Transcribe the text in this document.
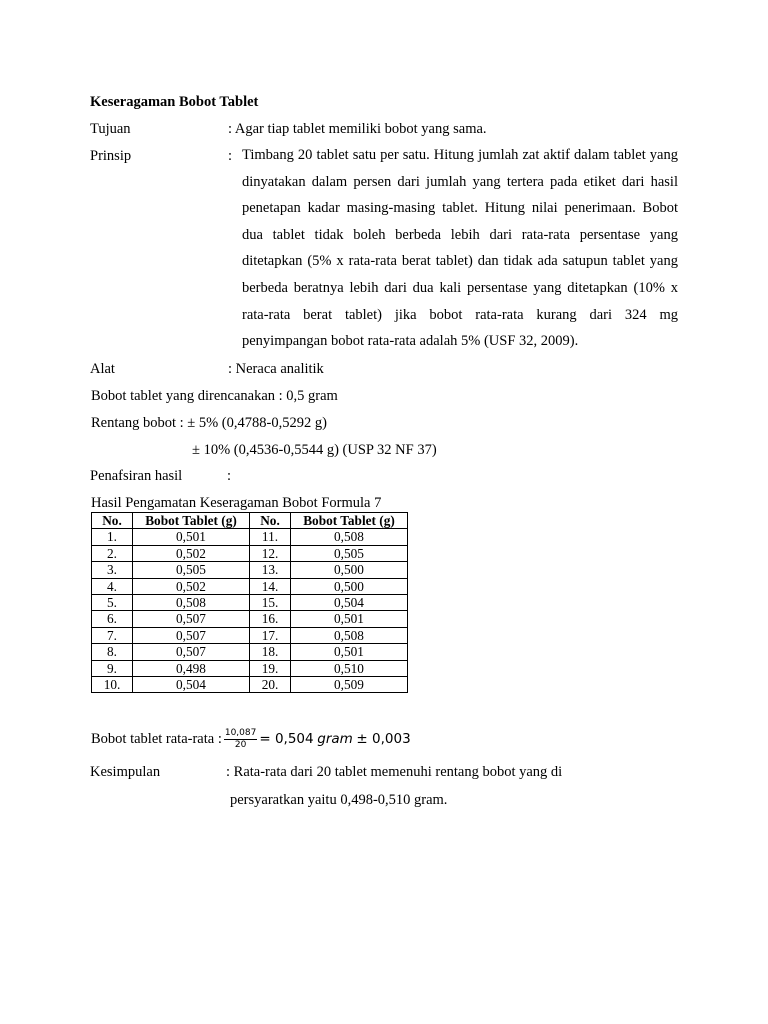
Keseragaman Bobot Tablet
Tujuan	: Agar tiap tablet memiliki bobot yang sama.
Prinsip	: Timbang 20 tablet satu per satu. Hitung jumlah zat aktif dalam tablet yang dinyatakan dalam persen dari jumlah yang tertera pada etiket dari hasil penetapan kadar masing-masing tablet. Hitung nilai penerimaan. Bobot dua tablet tidak boleh berbeda lebih dari rata-rata persentase yang ditetapkan (5% x rata-rata berat tablet) dan tidak ada satupun tablet yang berbeda beratnya lebih dari dua kali persentase yang ditetapkan (10% x rata-rata berat tablet) jika bobot rata-rata kurang dari 324 mg penyimpangan bobot rata-rata adalah 5% (USF 32, 2009).
Alat	: Neraca analitik
Bobot tablet yang direncanakan : 0,5 gram
Rentang bobot : ± 5% (0,4788-0,5292 g)
± 10% (0,4536-0,5544 g) (USP 32 NF 37)
Penafsiran hasil	:
Hasil Pengamatan Keseragaman Bobot Formula 7
No.	Bobot Tablet (g)	No.	Bobot Tablet (g)
1.	0,501	11.	0,508
2.	0,502	12.	0,505
3.	0,505	13.	0,500
4.	0,502	14.	0,500
5.	0,508	15.	0,504
6.	0,507	16.	0,501
7.	0,507	17.	0,508
8.	0,507	18.	0,501
9.	0,498	19.	0,510
10.	0,504	20.	0,509
Bobot tablet rata-rata : $\frac{10,087}{20} = 0,504$ gram ± 0,003
Kesimpulan	: Rata-rata dari 20 tablet memenuhi rentang bobot yang di
persyaratkan yaitu 0,498-0,510 gram.
